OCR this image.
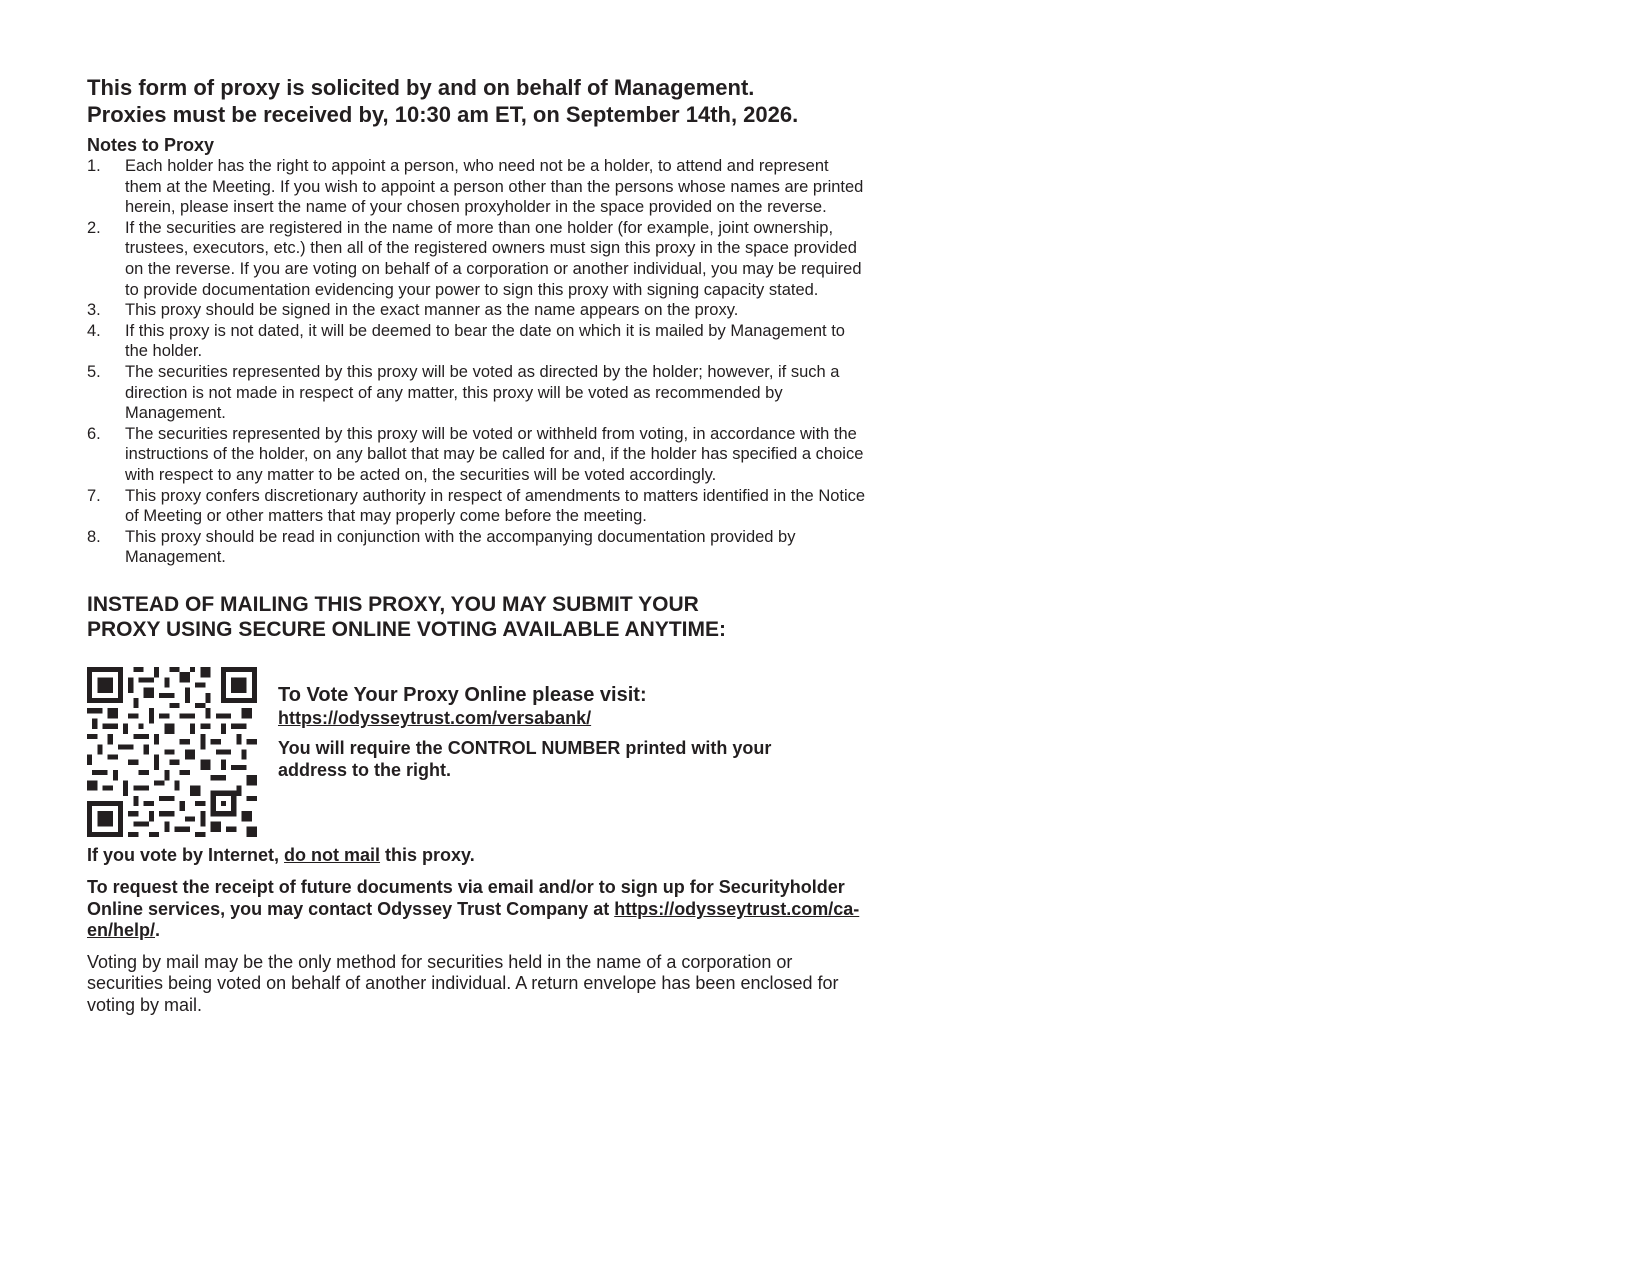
This form of proxy is solicited by and on behalf of Management.
Proxies must be received by, 10:30 am ET, on September 14th, 2026.

Notes to Proxy
1.	Each holder has the right to appoint a person, who need not be a holder, to attend and represent them at the Meeting. If you wish to appoint a person other than the persons whose names are printed herein, please insert the name of your chosen proxyholder in the space provided on the reverse.
2.	If the securities are registered in the name of more than one holder (for example, joint ownership, trustees, executors, etc.) then all of the registered owners must sign this proxy in the space provided on the reverse. If you are voting on behalf of a corporation or another individual, you may be required to provide documentation evidencing your power to sign this proxy with signing capacity stated.
3.	This proxy should be signed in the exact manner as the name appears on the proxy.
4.	If this proxy is not dated, it will be deemed to bear the date on which it is mailed by Management to the holder.
5.	The securities represented by this proxy will be voted as directed by the holder; however, if such a direction is not made in respect of any matter, this proxy will be voted as recommended by Management.
6.	The securities represented by this proxy will be voted or withheld from voting, in accordance with the instructions of the holder, on any ballot that may be called for and, if the holder has specified a choice with respect to any matter to be acted on, the securities will be voted accordingly.
7.	This proxy confers discretionary authority in respect of amendments to matters identified in the Notice of Meeting or other matters that may properly come before the meeting.
8.	This proxy should be read in conjunction with the accompanying documentation provided by Management.

INSTEAD OF MAILING THIS PROXY, YOU MAY SUBMIT YOUR
PROXY USING SECURE ONLINE VOTING AVAILABLE ANYTIME:

To Vote Your Proxy Online please visit:
https://odysseytrust.com/versabank/
You will require the CONTROL NUMBER printed with your address to the right.

If you vote by Internet, do not mail this proxy.

To request the receipt of future documents via email and/or to sign up for Securityholder Online services, you may contact Odyssey Trust Company at https://odysseytrust.com/ca-en/help/.

Voting by mail may be the only method for securities held in the name of a corporation or securities being voted on behalf of another individual. A return envelope has been enclosed for voting by mail.
